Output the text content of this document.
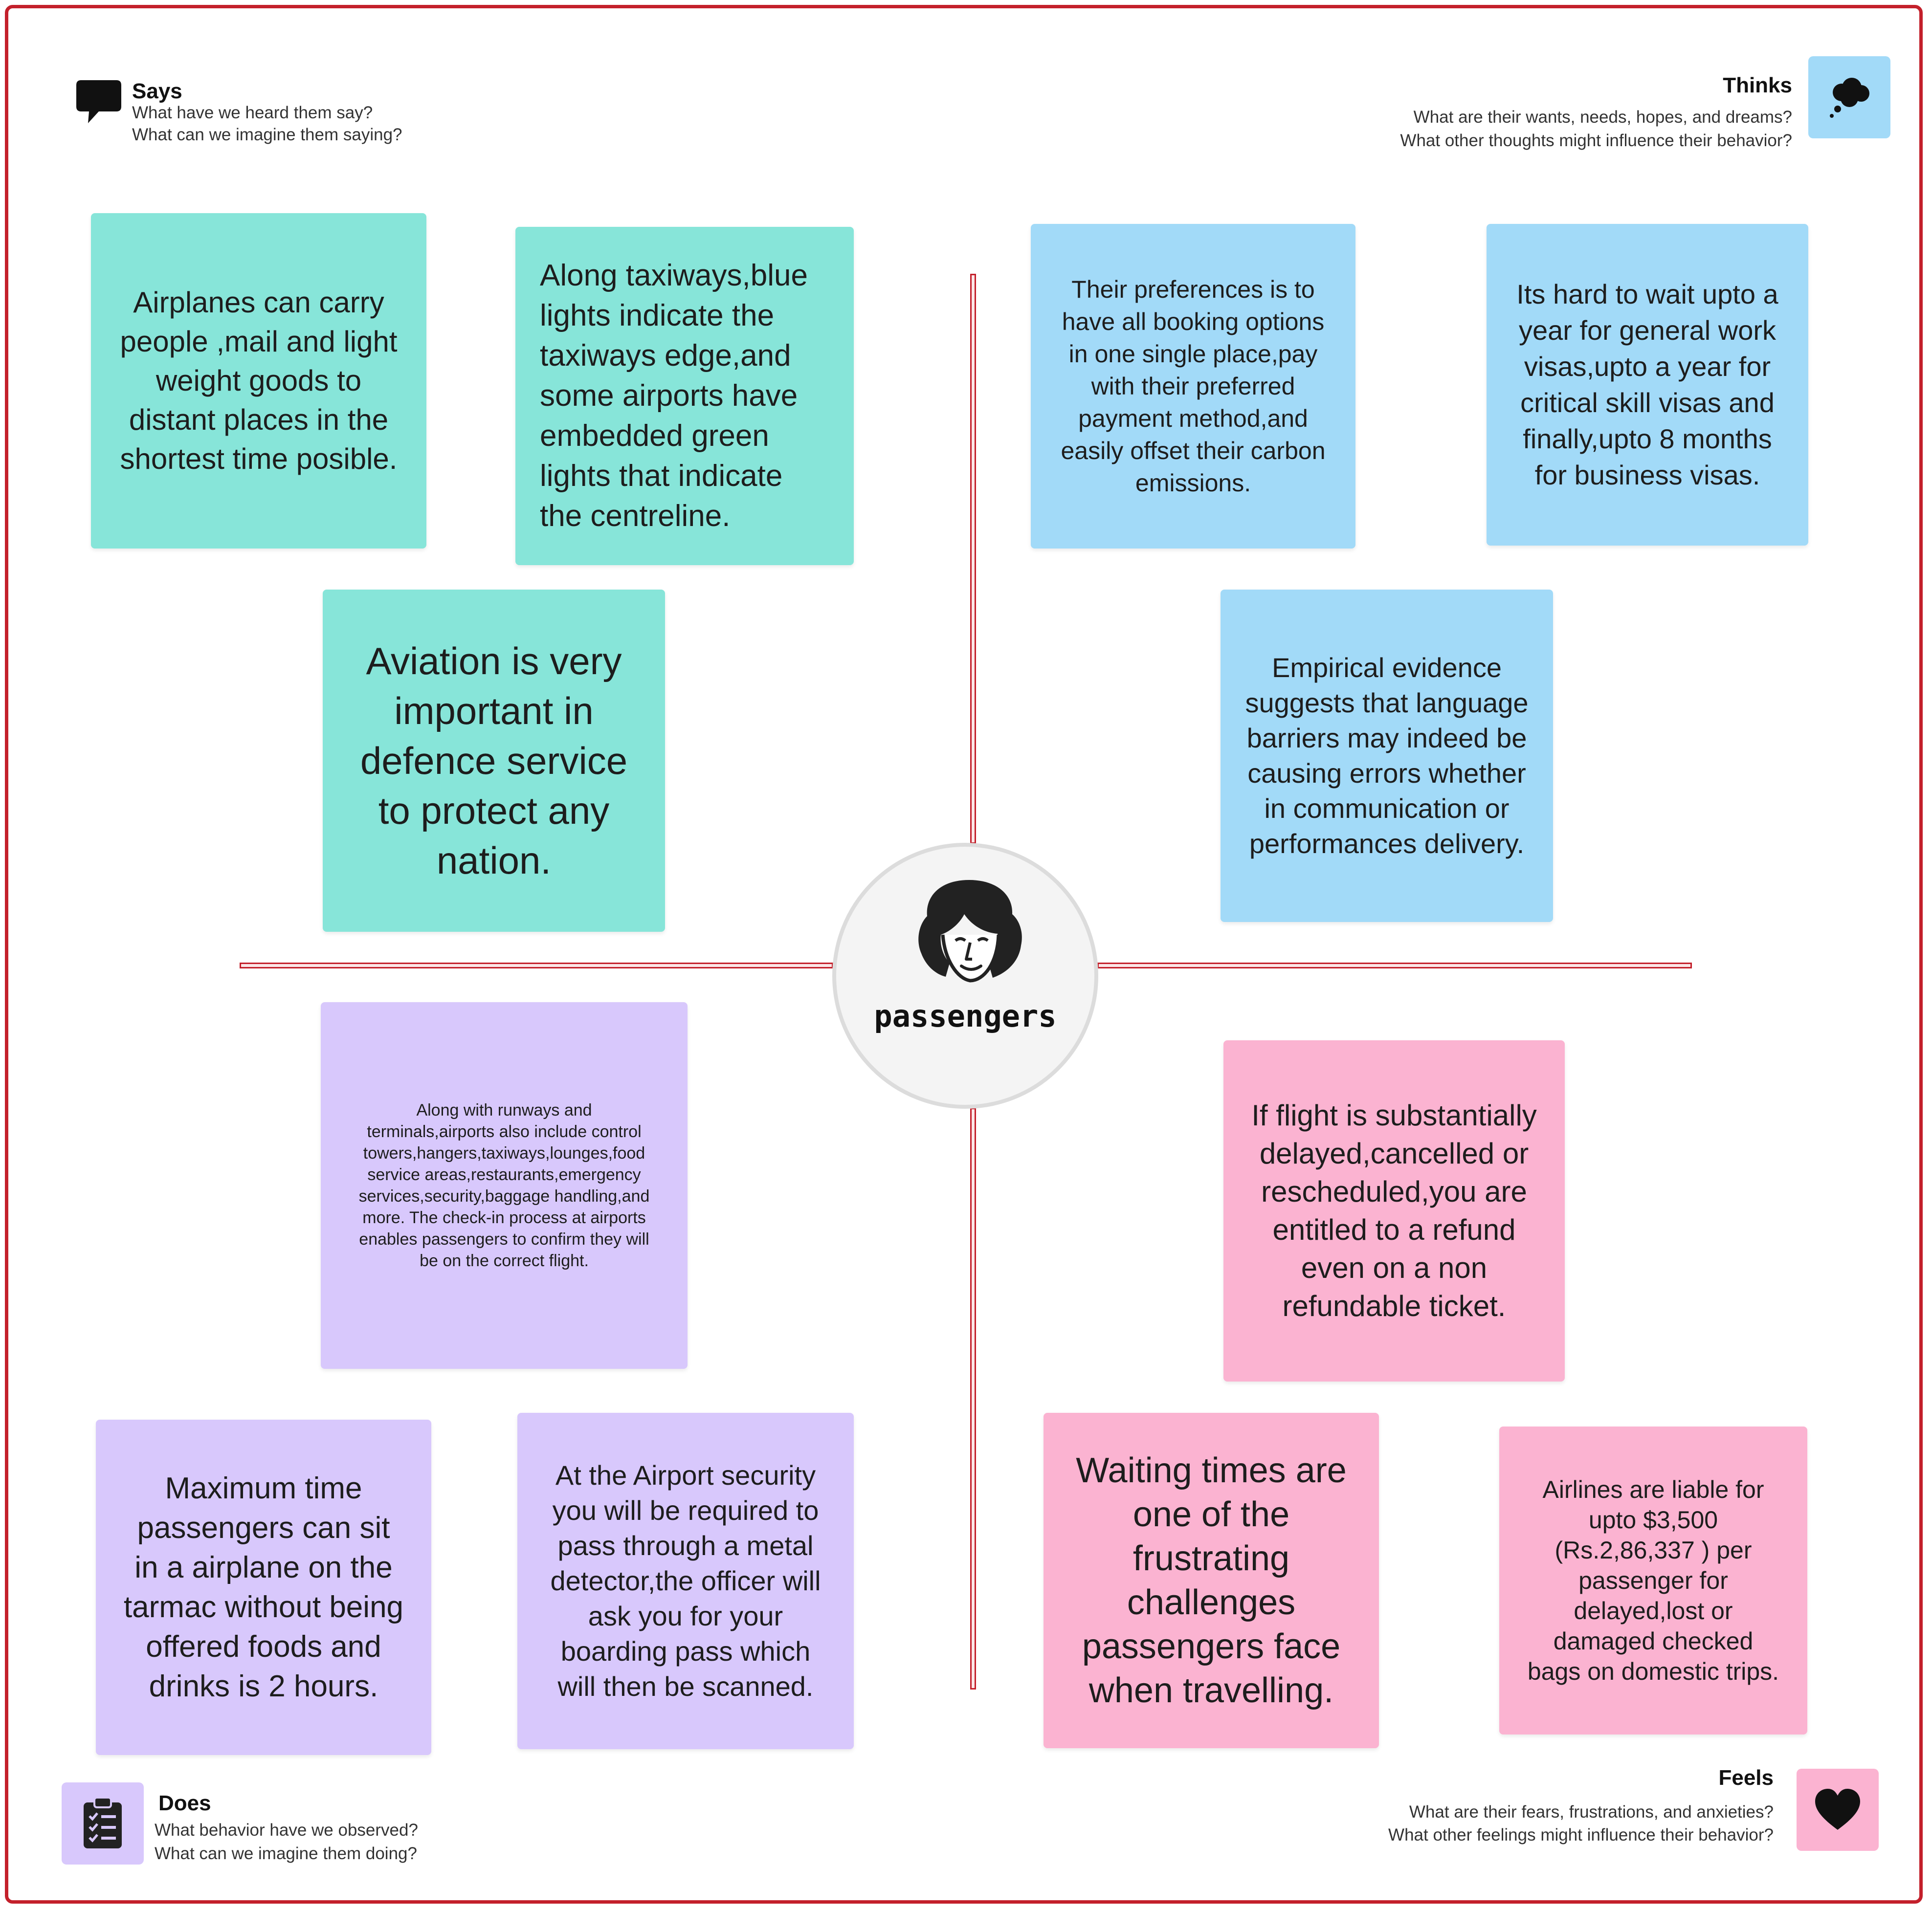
Says
What have we heard them say?
What can we imagine them saying?
Thinks
What are their wants, needs, hopes, and dreams?
What other thoughts might influence their behavior?
Does
What behavior have we observed?
What can we imagine them doing?
Feels
What are their fears, frustrations, and anxieties?
What other feelings might influence their behavior?
Airplanes can carry people ,mail and light weight goods to distant places in the shortest time posible.
Along taxiways,blue lights indicate the taxiways edge,and some airports have embedded green lights that indicate the centreline.
Aviation is very important in defence service to protect any nation.
Their preferences is to have all booking options in one single place,pay with their preferred payment method,and easily offset their carbon emissions.
Its hard to wait upto a year for general work visas,upto a year for critical skill visas and finally,upto 8 months for business visas.
Empirical evidence suggests that language barriers may indeed be causing errors whether in communication or performances delivery.
Along with runways and terminals,airports also include control towers,hangers,taxiways,lounges,food service areas,restaurants,emergency services,security,baggage handling,and more. The check-in process at airports enables passengers to confirm they will be on the correct flight.
Maximum time passengers can sit in a airplane on the tarmac without being offered foods and drinks is 2 hours.
At the Airport security you will be required to pass through a metal detector,the officer will ask you for your boarding pass which will then be scanned.
If flight is substantially delayed,cancelled or rescheduled,you are entitled to a refund even on a non refundable ticket.
Waiting times are one of the frustrating challenges passengers face when travelling.
Airlines are liable for upto $3,500 (Rs.2,86,337 ) per passenger for delayed,lost or damaged checked bags on domestic trips.
passengers
